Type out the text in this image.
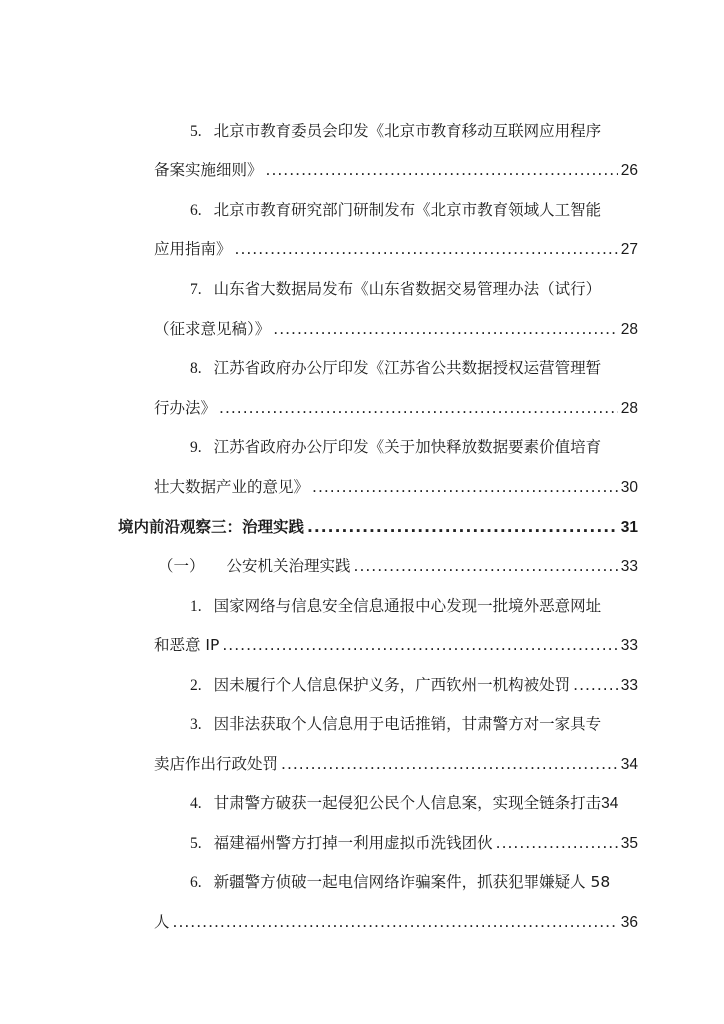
5. 北京市教育委员会印发《北京市教育移动互联网应用程序
备案实施细则》 .....	26
6. 北京市教育研究部门研制发布《北京市教育领域人工智能
应用指南》 .....	27
7. 山东省大数据局发布《山东省数据交易管理办法（试行）
（征求意见稿）》 .....	28
8. 江苏省政府办公厅印发《江苏省公共数据授权运营管理暂
行办法》 .....	28
9. 江苏省政府办公厅印发《关于加快释放数据要素价值培育
壮大数据产业的意见》 .....	30
境内前沿观察三：治理实践 .....	31
（一） 公安机关治理实践 .....	33
1. 国家网络与信息安全信息通报中心发现一批境外恶意网址
和恶意 IP .....	33
2. 因未履行个人信息保护义务，广西钦州一机构被处罚 .....	33
3. 因非法获取个人信息用于电话推销，甘肃警方对一家具专
卖店作出行政处罚 .....	34
4. 甘肃警方破获一起侵犯公民个人信息案，实现全链条打击 34
5. 福建福州警方打掉一利用虚拟币洗钱团伙 .....	35
6. 新疆警方侦破一起电信网络诈骗案件，抓获犯罪嫌疑人 58
人 .....	36
